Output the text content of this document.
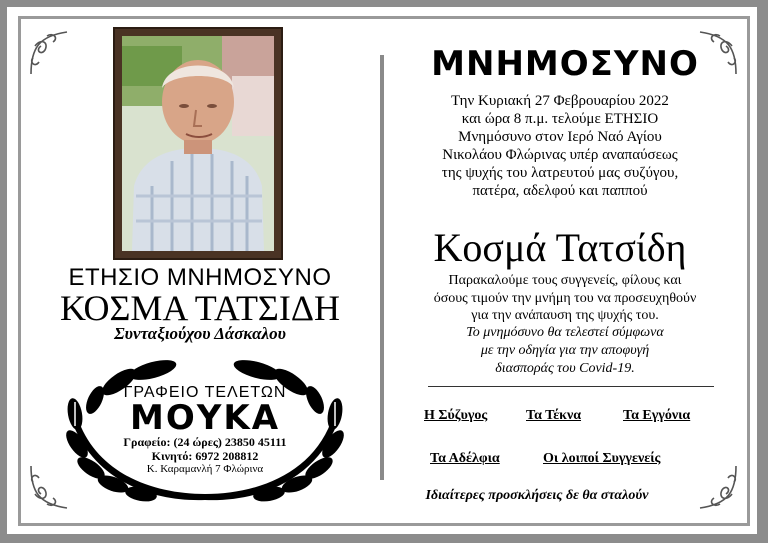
ΕΤΗΣΙΟ ΜΝΗΜΟΣΥΝΟ
ΚΟΣΜΑ ΤΑΤΣΙΔΗ
Συνταξιούχου Δάσκαλου
ΓΡΑΦΕΙΟ ΤΕΛΕΤΩΝ
ΜΟΥΚΑ
Γραφείο: (24 ώρες) 23850 45111
Κινητό: 6972 208812
Κ. Καραμανλή 7 Φλώρινα
ΜΝΗΜΟΣΥΝΟ
Την Κυριακή 27 Φεβρουαρίου 2022
και ώρα 8 π.μ. τελούμε ΕΤΗΣΙΟ
Μνημόσυνο στον Ιερό Ναό Αγίου
Νικολάου Φλώρινας υπέρ αναπαύσεως
της ψυχής του λατρευτού μας συζύγου,
πατέρα, αδελφού και παππού
Κοσμά Τατσίδη
Παρακαλούμε τους συγγενείς, φίλους και
όσους τιμούν την μνήμη του να προσευχηθούν
για την ανάπαυση της ψυχής του.
Το μνημόσυνο θα τελεστεί σύμφωνα
με την οδηγία για την αποφυγή
διασποράς του Covid-19.
Η Σύζυγος	Τα Τέκνα	Τα Εγγόνια
Τα Αδέλφια	Οι λοιποί Συγγενείς
Ιδιαίτερες προσκλήσεις δε θα σταλούν
